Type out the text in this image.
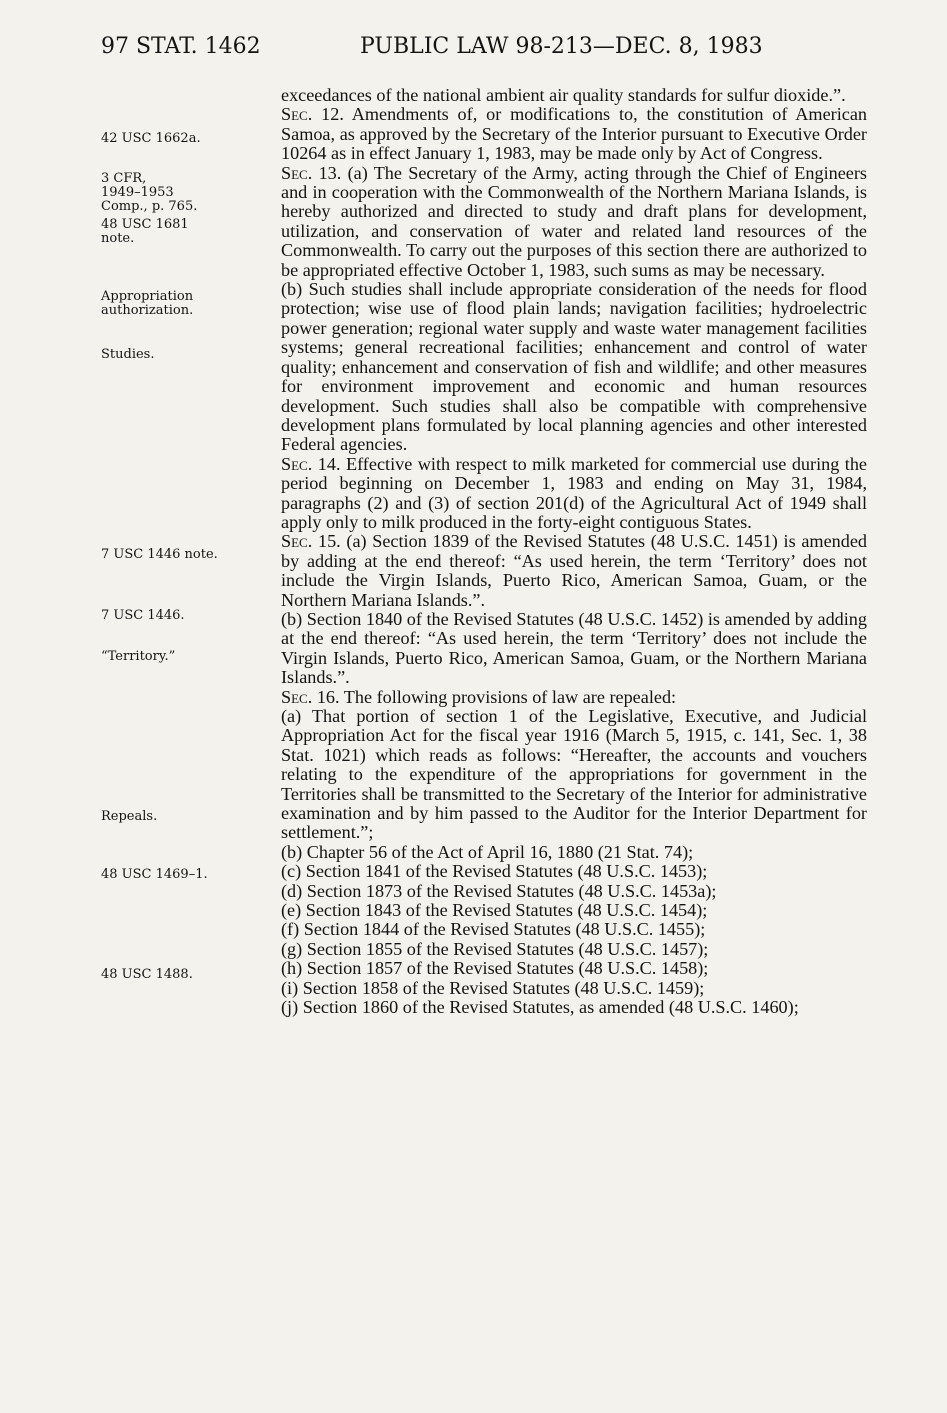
97 STAT. 1462	PUBLIC LAW 98-213—DEC. 8, 1983
42 USC 1662a.
3 CFR,
1949–1953
Comp., p. 765.
48 USC 1681
note.
Appropriation
authorization.
Studies.
7 USC 1446 note.
7 USC 1446.
“Territory.”
Repeals.
48 USC 1469–1.
48 USC 1488.

exceedances of the national ambient air quality standards for sulfur dioxide.”.

Sec. 12. Amendments of, or modifications to, the constitution of American Samoa, as approved by the Secretary of the Interior pursuant to Executive Order 10264 as in effect January 1, 1983, may be made only by Act of Congress.

Sec. 13. (a) The Secretary of the Army, acting through the Chief of Engineers and in cooperation with the Commonwealth of the Northern Mariana Islands, is hereby authorized and directed to study and draft plans for development, utilization, and conservation of water and related land resources of the Commonwealth. To carry out the purposes of this section there are authorized to be appropriated effective October 1, 1983, such sums as may be necessary.

(b) Such studies shall include appropriate consideration of the needs for flood protection; wise use of flood plain lands; navigation facilities; hydroelectric power generation; regional water supply and waste water management facilities systems; general recreational facilities; enhancement and control of water quality; enhancement and conservation of fish and wildlife; and other measures for environment improvement and economic and human resources development. Such studies shall also be compatible with comprehensive development plans formulated by local planning agencies and other interested Federal agencies.

Sec. 14. Effective with respect to milk marketed for commercial use during the period beginning on December 1, 1983 and ending on May 31, 1984, paragraphs (2) and (3) of section 201(d) of the Agricultural Act of 1949 shall apply only to milk produced in the forty-eight contiguous States.

Sec. 15. (a) Section 1839 of the Revised Statutes (48 U.S.C. 1451) is amended by adding at the end thereof: “As used herein, the term ‘Territory’ does not include the Virgin Islands, Puerto Rico, American Samoa, Guam, or the Northern Mariana Islands.”.

(b) Section 1840 of the Revised Statutes (48 U.S.C. 1452) is amended by adding at the end thereof: “As used herein, the term ‘Territory’ does not include the Virgin Islands, Puerto Rico, American Samoa, Guam, or the Northern Mariana Islands.”.

Sec. 16. The following provisions of law are repealed:

(a) That portion of section 1 of the Legislative, Executive, and Judicial Appropriation Act for the fiscal year 1916 (March 5, 1915, c. 141, Sec. 1, 38 Stat. 1021) which reads as follows: “Hereafter, the accounts and vouchers relating to the expenditure of the appropriations for government in the Territories shall be transmitted to the Secretary of the Interior for administrative examination and by him passed to the Auditor for the Interior Department for settlement.”;

(b) Chapter 56 of the Act of April 16, 1880 (21 Stat. 74);

(c) Section 1841 of the Revised Statutes (48 U.S.C. 1453);

(d) Section 1873 of the Revised Statutes (48 U.S.C. 1453a);

(e) Section 1843 of the Revised Statutes (48 U.S.C. 1454);

(f) Section 1844 of the Revised Statutes (48 U.S.C. 1455);

(g) Section 1855 of the Revised Statutes (48 U.S.C. 1457);

(h) Section 1857 of the Revised Statutes (48 U.S.C. 1458);

(i) Section 1858 of the Revised Statutes (48 U.S.C. 1459);

(j) Section 1860 of the Revised Statutes, as amended (48 U.S.C. 1460);
